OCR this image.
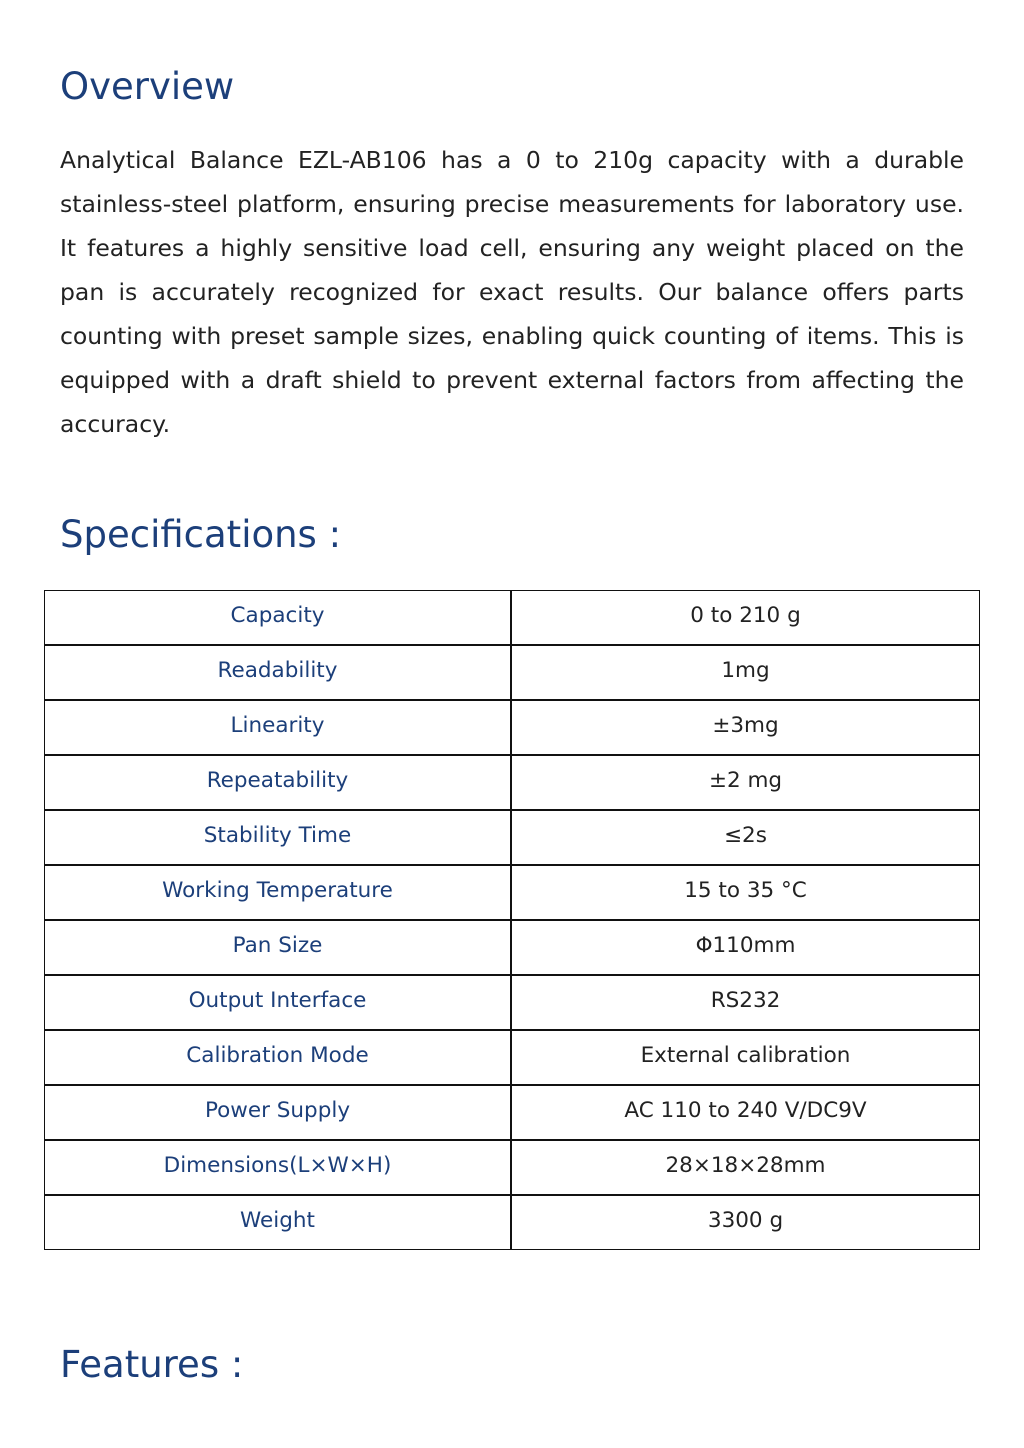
Overview

Analytical Balance EZL-AB106 has a 0 to 210g capacity with a durable stainless-steel platform, ensuring precise measurements for laboratory use. It features a highly sensitive load cell, ensuring any weight placed on the pan is accurately recognized for exact results. Our balance offers parts counting with preset sample sizes, enabling quick counting of items. This is equipped with a draft shield to prevent external factors from affecting the accuracy.

Specifications :
Capacity	0 to 210 g
Readability	1mg
Linearity	±3mg
Repeatability	±2 mg
Stability Time	≤2s
Working Temperature	15 to 35 °C
Pan Size	Φ110mm
Output Interface	RS232
Calibration Mode	External calibration
Power Supply	AC 110 to 240 V/DC9V
Dimensions(L×W×H)	28×18×28mm
Weight	3300 g
Features :
